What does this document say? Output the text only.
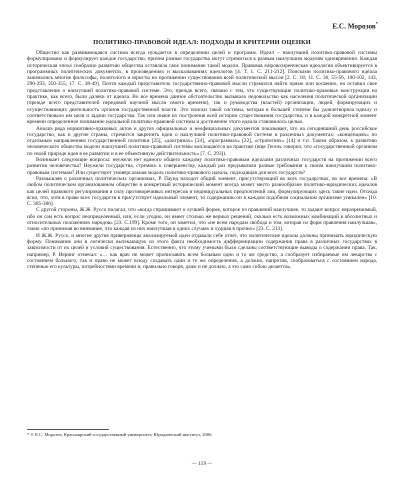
Е.С. Морозов*
ПОЛИТИКО-ПРАВОВОЙ ИДЕАЛ: ПОДХОДЫ И КРИТЕРИИ ОЦЕНКИ

Общество как развивающаяся система всегда нуждается в определении целей и программ. Идеал – наилучший политико-правовой системы формулировано и формулирует каждое государство, причем разные государства могут стремиться к разным наилучшим моделям одновременно. Каждая историческая эпоха сообразно развитию общества оставляла свое понимание такой модели. Правовая мировоззренческая идеология объективируется в программных политических документах, в произведениях и высказываниях идеологов [4. Т. 1. С. 211-212]. Поисками политико-правового идеала занимались многие философы, политологи и юристы на протяжении существования всей политической мысли [2. С. 18; 11. С. 36, 55-56, 100-102, 143, 290-293, 350-355; 17. С. 38-49]. Почти каждый представитель государственно-правовой мысли стремился найти прямо или косвенно, но оставил свое представление о наилучшей политико-правовой системе. Это, прежде всего, связано с тем, что существующие политико-правовые конструкции на практике, как всего, были далеки от идеала. Во все времена данное обстоятельство вызывало недовольство как населения политической организации (прежде всего представителей передовой научной мысли своего времени), так и руководства (властей) организации, людей, формирующих и осуществляющих деятельность органов государственной власти. Это поиски такой системы, которая в большей степени бы удовлетворяла идеалу и соответствовало им цели и задачи государства. Так или иначе их построения всей истории существования государства, и в каждой конкретной момент времени определенное понимание идеальной политико-правовой системы и достижение этого идеала становилось целью.

Анализ ряда нормативно-правовых актов и других официальных и неофициальных документов показывает, что на сегодняшний день российское государство, как и другие страны, стремится закрепить идеи о наилучшей политико-правовой системе в различных документах: «концепциях» по отдельным направлениям государственной политики [25], «доктринах» [24], «программах» [22], «стратегиях» [14] и т.п. Таким образом, к развитию человеческого общества модели наилучшей политико-правовой системы воплощаются на практике (еще Гегель говорил, что «государственный организм по своей природе идея в ее развитии и в ее объективную действительность» [7. С. 293]).

Возникает следующие вопросы: неужели нет единого общего каждому политико-правовым идеалами различных государств на протяжении всего развития человечества? Неужели государства, стремясь к совершенству, каждый раз предъявляли разные требования к своим наилучшим политико-правовым системам? Или существует универсальная модель политико-правового идеала, подходящая для всех государств?

Размышляя о различных политических организмах, Р. Паунд находит общий элемент, присутствующий во всех государствах, во все времена: «В любом политическом организованном обществе в конкретный исторический момент всегда может место разнообразие политико-юридических идеалов как целей правового регулирования в силу противоречивых интересов и индивидуальных предпочтений лиц, формулирующих здесь такие идеи. Отсюда ясно, что, хотя в праве всех государств в присутствует идеальный элемент, то содержанию он в каждом подобном социальном организме уникален» [10. С. 385-386].

С другой стороны, Ж.Ж. Руссо полагал, что «когда спрашивают о лучшей форме, которое из правлений наилучшее, то задают вопрос неразрешимый, ибо он сам есть вопрос неопределенный, или, если угодно, он имеет столько же верных решений, сколько есть возможных комбинаций в абсолютных и относительных положениях народов» [23. С.199]. Кроме того, он заметил, что «не всем народам свобода и том, которая из форм правления наилучшая», такие «по принимая во внимание, что каждая из них наилучшая в одних случаях и худшая в прочих» [23. С. 213].

И Ж.Ж. Руссо, и многие другие приверженцы анализируемой идеи отдавали себе отчет, что политические идеалы должны принимать юридическую форму. Понимание они в логически вытекающую из этого факта необходимость дифференциации содержания права в различных государствах в зависимости от их целей и условий существования. Естественно, что этому учеными были сделаны соответствующие выводы о содержании права. Так, например, Р. Иеринг отмечал: «… как врач не может прописывать всем больным одно и то же средство, а сообразует избираемые им лекарства с состоянием больного, так и право не может всюду создавать одни и те же определения, а должно, напротив, сообразоваться с состоянием народа, степенью его культуры, потребностями времени и, правильно говоря, даже и не должно, а это само собою делается».

* © Е.С. Морозов, Красноярский государственный университет, Юридический институт, 2006.
— 159 —
